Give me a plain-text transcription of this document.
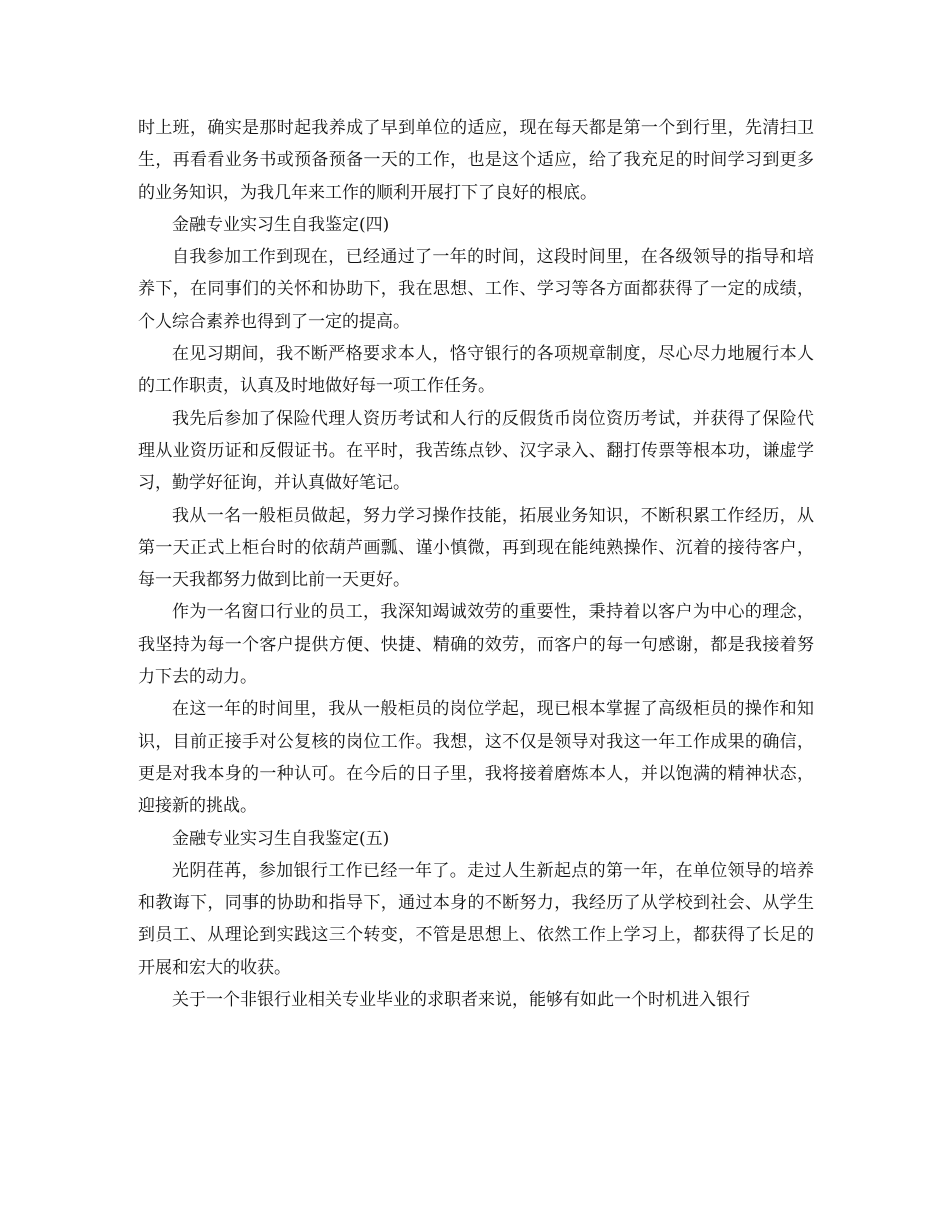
时上班，确实是那时起我养成了早到单位的适应，现在每天都是第一个到行里，先清扫卫生，再看看业务书或预备预备一天的工作，也是这个适应，给了我充足的时间学习到更多的业务知识，为我几年来工作的顺利开展打下了良好的根底。

金融专业实习生自我鉴定(四)

自我参加工作到现在，已经通过了一年的时间，这段时间里，在各级领导的指导和培养下，在同事们的关怀和协助下，我在思想、工作、学习等各方面都获得了一定的成绩，个人综合素养也得到了一定的提高。

在见习期间，我不断严格要求本人，恪守银行的各项规章制度，尽心尽力地履行本人的工作职责，认真及时地做好每一项工作任务。

我先后参加了保险代理人资历考试和人行的反假货币岗位资历考试，并获得了保险代理从业资历证和反假证书。在平时，我苦练点钞、汉字录入、翻打传票等根本功，谦虚学习，勤学好征询，并认真做好笔记。

我从一名一般柜员做起，努力学习操作技能，拓展业务知识，不断积累工作经历，从第一天正式上柜台时的依葫芦画瓢、谨小慎微，再到现在能纯熟操作、沉着的接待客户，每一天我都努力做到比前一天更好。

作为一名窗口行业的员工，我深知竭诚效劳的重要性，秉持着以客户为中心的理念，我坚持为每一个客户提供方便、快捷、精确的效劳，而客户的每一句感谢，都是我接着努力下去的动力。

在这一年的时间里，我从一般柜员的岗位学起，现已根本掌握了高级柜员的操作和知识，目前正接手对公复核的岗位工作。我想，这不仅是领导对我这一年工作成果的确信，更是对我本身的一种认可。在今后的日子里，我将接着磨炼本人，并以饱满的精神状态，迎接新的挑战。

金融专业实习生自我鉴定(五)

光阴荏苒，参加银行工作已经一年了。走过人生新起点的第一年，在单位领导的培养和教诲下，同事的协助和指导下，通过本身的不断努力，我经历了从学校到社会、从学生到员工、从理论到实践这三个转变，不管是思想上、依然工作上学习上，都获得了长足的开展和宏大的收获。

关于一个非银行业相关专业毕业的求职者来说，能够有如此一个时机进入银行
